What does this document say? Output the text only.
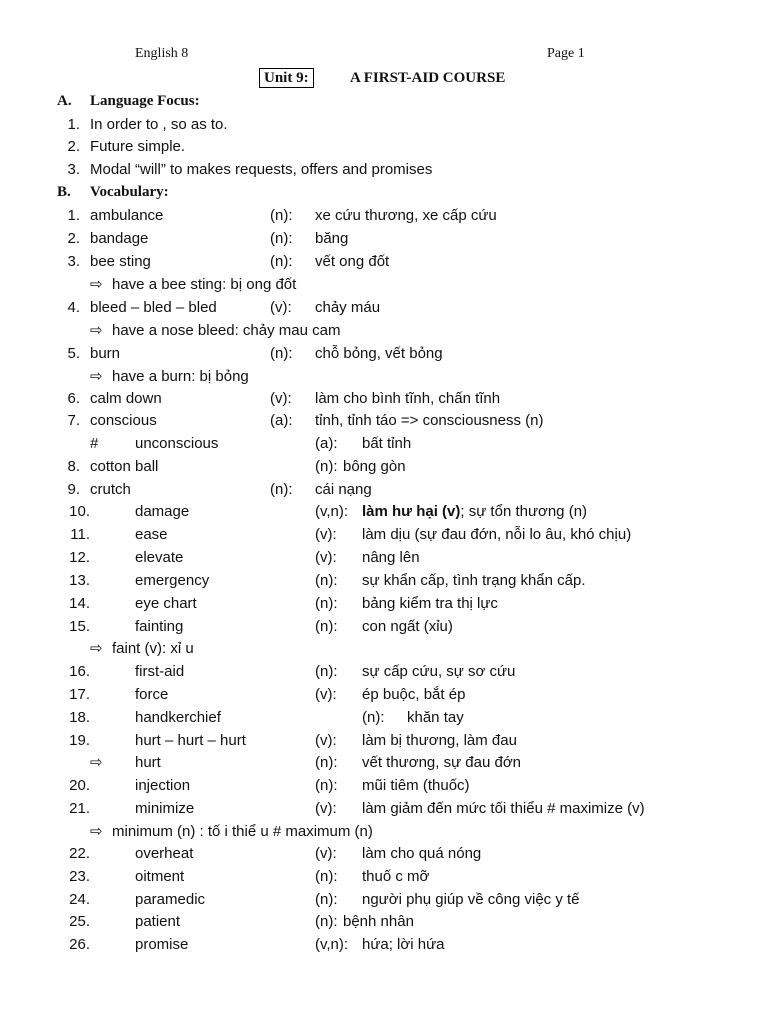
English 8	Page 1
Unit 9:	A FIRST-AID COURSE
A. Language Focus:
1. In order to , so as to.
2. Future simple.
3. Modal “will” to makes requests, offers and promises
B. Vocabulary:
1. ambulance	(n): xe cứu thương, xe cấp cứu
2. bandage	(n): băng
3. bee sting	(n): vết ong đốt
⇨ have a bee sting: bị ong đốt
4. bleed – bled – bled	(v): chảy máu
⇨ have a nose bleed: chảy mau cam
5. burn	(n): chỗ bỏng, vết bỏng
⇨ have a burn: bị bỏng
6. calm down	(v): làm cho bình tĩnh, chấn tĩnh
7. conscious	(a): tỉnh, tỉnh táo => consciousness (n)
# unconscious	(a): bất tỉnh
8. cotton ball	(n): bông gòn
9. crutch	(n): cái nạng
10.	damage	(v,n): làm hư hại (v); sự tổn thương (n)
11.	ease	(v): làm dịu (sự đau đớn, nỗi lo âu, khó chịu)
12.	elevate	(v): nâng lên
13.	emergency	(n): sự khẩn cấp, tình trạng khẩn cấp.
14.	eye chart	(n): bảng kiểm tra thị lực
15.	fainting	(n): con ngất (xỉu)
⇨ faint (v): xỉ u
16.	first-aid	(n): sự cấp cứu, sự sơ cứu
17.	force	(v): ép buộc, bắt ép
18.	handkerchief	(n): khăn tay
19.	hurt – hurt – hurt	(v): làm bị thương, làm đau
⇨ hurt	(n): vết thương, sự đau đớn
20.	injection	(n): mũi tiêm (thuốc)
21.	minimize	(v): làm giảm đến mức tối thiểu # maximize (v)
⇨ minimum (n) : tố i thiể u # maximum (n)
22.	overheat	(v): làm cho quá nóng
23.	oitment	(n): thuố c mỡ
24.	paramedic	(n): người phụ giúp về công việc y tế
25.	patient	(n): bệnh nhân
26.	promise	(v,n): hứa; lời hứa
